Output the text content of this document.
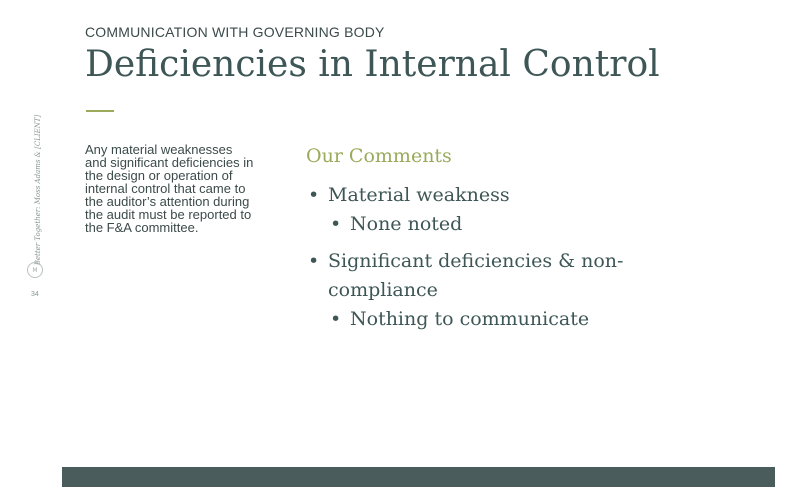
COMMUNICATION WITH GOVERNING BODY
Deficiencies in Internal Control
Better Together: Moss Adams & [CLIENT]
M
34
Any material weaknesses and significant deficiencies in the design or operation of internal control that came to the auditor’s attention during the audit must be reported to the F&A committee.
Our Comments
• Material weakness
• None noted
• Significant deficiencies & non-compliance
• Nothing to communicate
